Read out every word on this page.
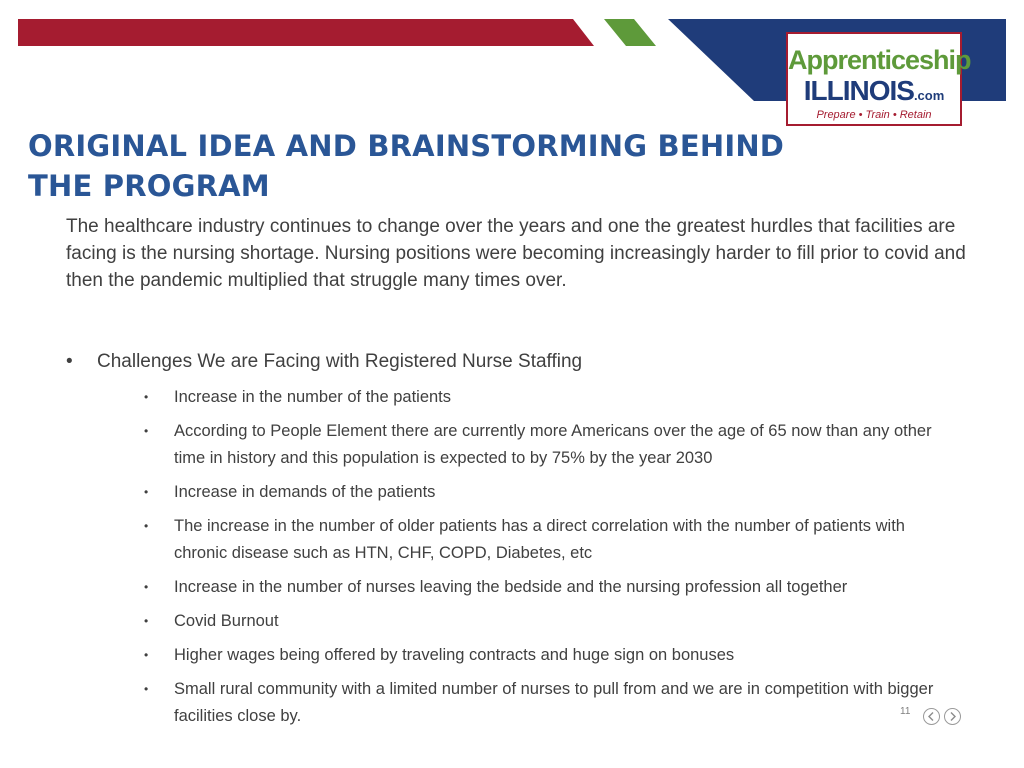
Apprenticeship
ILLINOIS.com
Prepare • Train • Retain
ORIGINAL IDEA AND BRAINSTORMING BEHIND THE PROGRAM

The healthcare industry continues to change over the years and one the greatest hurdles that facilities are facing is the nursing shortage. Nursing positions were becoming increasingly harder to fill prior to covid and then the pandemic multiplied that struggle many times over.

• Challenges We are Facing with Registered Nurse Staffing
• Increase in the number of the patients
• According to People Element there are currently more Americans over the age of 65 now than any other time in history and this population is expected to by 75% by the year 2030
• Increase in demands of the patients
• The increase in the number of older patients has a direct correlation with the number of patients with chronic disease such as HTN, CHF, COPD, Diabetes, etc
• Increase in the number of nurses leaving the bedside and the nursing profession all together
• Covid Burnout
• Higher wages being offered by traveling contracts and huge sign on bonuses
• Small rural community with a limited number of nurses to pull from and we are in competition with bigger facilities close by.	11
